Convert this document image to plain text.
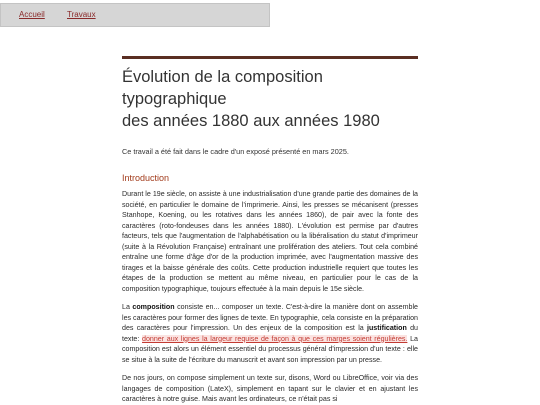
Accueil	Travaux
Évolution de la composition typographique
des années 1880 aux années 1980

Ce travail a été fait dans le cadre d'un exposé présenté en mars 2025.

Introduction

Durant le 19e siècle, on assiste à une industrialisation d'une grande partie des domaines de la société, en particulier le domaine de l'imprimerie. Ainsi, les presses se mécanisent (presses Stanhope, Koening, ou les rotatives dans les années 1860), de pair avec la fonte des caractères (roto-fondeuses dans les années 1880). L'évolution est permise par d'autres facteurs, tels que l'augmentation de l'alphabétisation ou la libéralisation du statut d'imprimeur (suite à la Révolution Française) entraînant une prolifération des ateliers. Tout cela combiné entraîne une forme d'âge d'or de la production imprimée, avec l'augmentation massive des tirages et la baisse générale des coûts. Cette production industrielle requiert que toutes les étapes de la production se mettent au même niveau, en particulier pour le cas de la composition typographique, toujours effectuée à la main depuis le 15e siècle.

La composition consiste en... composer un texte. C'est-à-dire la manière dont on assemble les caractères pour former des lignes de texte. En typographie, cela consiste en la préparation des caractères pour l'impression. Un des enjeux de la composition est la justification du texte: donner aux lignes la largeur requise de façon à que ces marges soient régulières. La composition est alors un élément essentiel du processus général d'impression d'un texte : elle se situe à la suite de l'écriture du manuscrit et avant son impression par un presse.

De nos jours, on compose simplement un texte sur, disons, Word ou LibreOffice, voir via des langages de composition (LatеX), simplement en tapant sur le clavier et en ajustant les caractères à notre guise. Mais avant les ordinateurs, ce n'était pas si
